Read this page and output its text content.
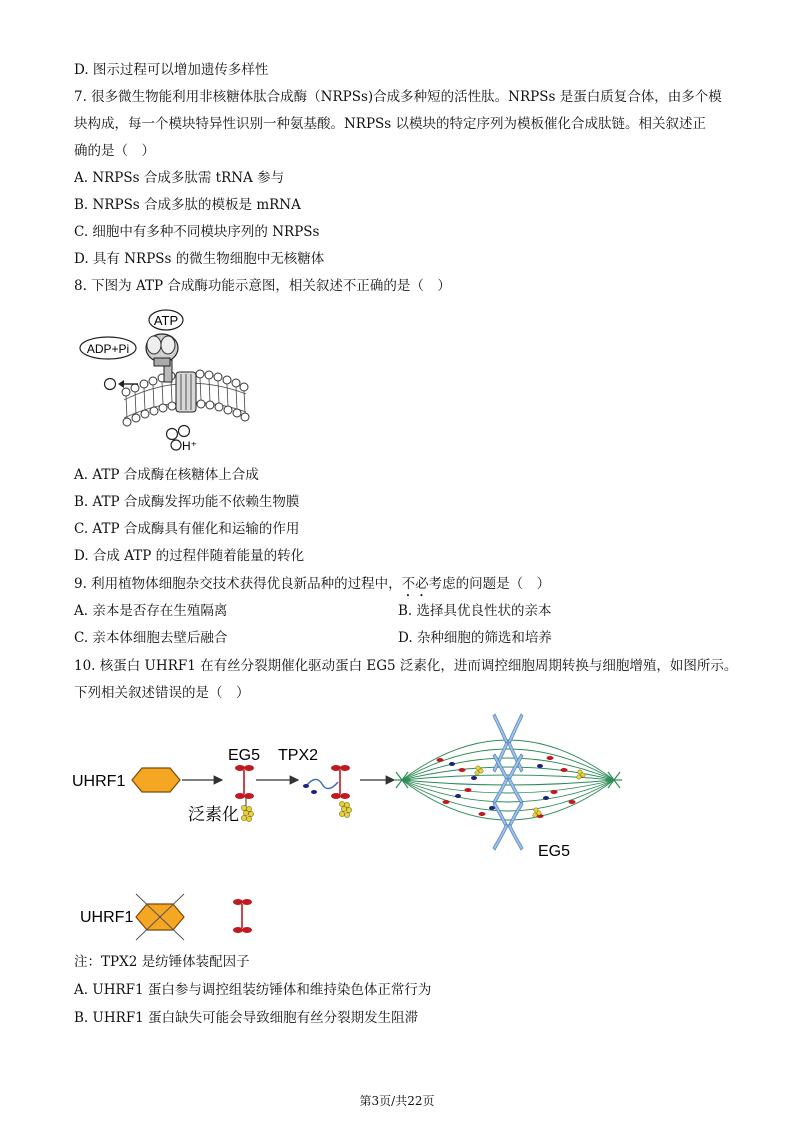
D. 图示过程可以增加遗传多样性
7. 很多微生物能利用非核糖体肽合成酶（NRPSs)合成多种短的活性肽。NRPSs 是蛋白质复合体，由多个模
块构成，每一个模块特异性识别一种氨基酸。NRPSs 以模块的特定序列为模板催化合成肽链。相关叙述正
确的是（　）
A. NRPSs 合成多肽需 tRNA 参与
B. NRPSs 合成多肽的模板是 mRNA
C. 细胞中有多种不同模块序列的 NRPSs
D. 具有 NRPSs 的微生物细胞中无核糖体
8. 下图为 ATP 合成酶功能示意图，相关叙述不正确的是（　）
ATP
ADP+Pi
H⁺
A. ATP 合成酶在核糖体上合成
B. ATP 合成酶发挥功能不依赖生物膜
C. ATP 合成酶具有催化和运输的作用
D. 合成 ATP 的过程伴随着能量的转化
9. 利用植物体细胞杂交技术获得优良新品种的过程中，不必考虑的问题是（　）
A. 亲本是否存在生殖隔离	B. 选择具优良性状的亲本
C. 亲本体细胞去壁后融合	D. 杂种细胞的筛选和培养
10. 核蛋白 UHRF1 在有丝分裂期催化驱动蛋白 EG5 泛素化，进而调控细胞周期转换与细胞增殖，如图所示。
下列相关叙述错误的是（　）
UHRF1
EG5
泛素化
TPX2
EG5
UHRF1
注：TPX2 是纺锤体装配因子
A. UHRF1 蛋白参与调控组装纺锤体和维持染色体正常行为
B. UHRF1 蛋白缺失可能会导致细胞有丝分裂期发生阻滞
第3页/共22页
